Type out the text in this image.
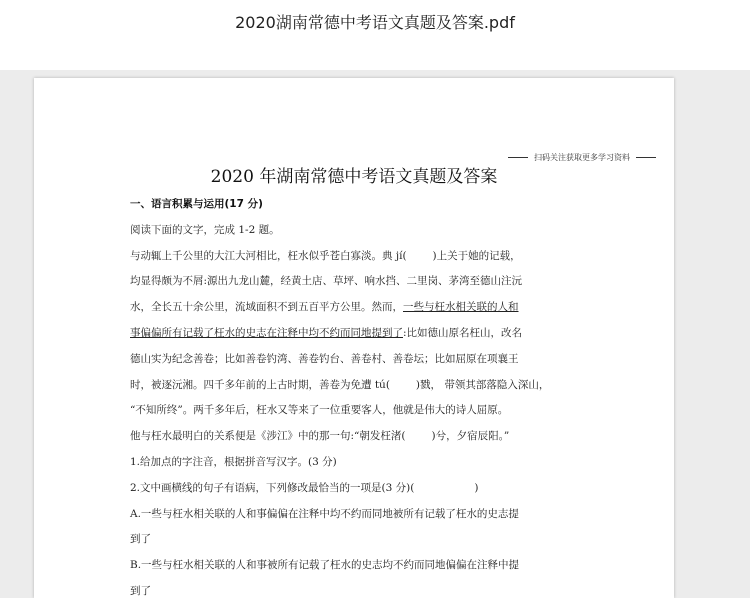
2020湖南常德中考语文真题及答案.pdf
扫码关注获取更多学习资料
2020 年湖南常德中考语文真题及答案
一、语言积累与运用(17 分)
阅读下面的文字，完成 1-2 题。
与动辄上千公里的大江大河相比，枉水似乎苍白寡淡。典 jí( )上关于她的记载，
均显得颇为不屑:源出九龙山麓，经黄土店、草坪、响水挡、二里岗、茅湾至德山注沅
水，全长五十余公里，流域面积不到五百平方公里。然而，一些与枉水相关联的人和
事偏偏所有记载了枉水的史志在注释中均不约而同地提到了:比如德山原名枉山，改名
德山实为纪念善卷；比如善卷钓湾、善卷钓台、善卷村、善卷坛；比如屈原在项襄王
时，被逐沅湘。四千多年前的上古时期，善卷为免遭 tú( )戮， 带领其部落隐入深山，
“不知所终”。两千多年后，枉水又等来了一位重要客人，他就是伟大的诗人屈原。
他与枉水最明白的关系便是《涉江》中的那一句:“朝发枉渚( )兮，夕宿辰阳。”
1.给加点的字注音，根据拼音写汉字。(3 分)
2.文中画横线的句子有语病，下列修改最恰当的一项是(3 分)(	)
A.一些与枉水相关联的人和事偏偏在注释中均不约而同地被所有记载了枉水的史志提
到了
B.一些与枉水相关联的人和事被所有记载了枉水的史志均不约而同地偏偏在注释中提
到了
